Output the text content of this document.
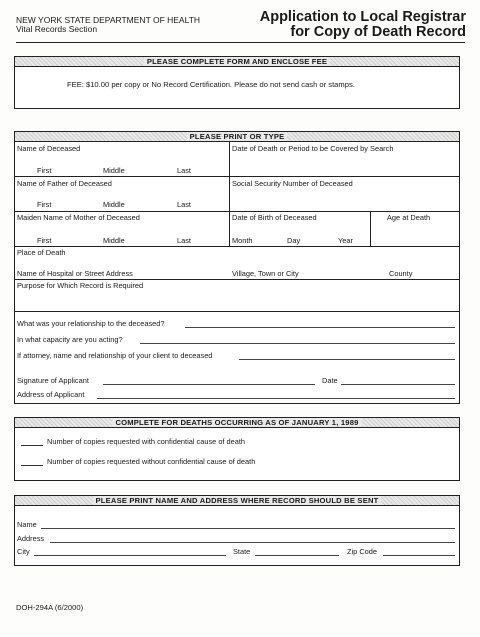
NEW YORK STATE DEPARTMENT OF HEALTH
Vital Records Section
Application to Local Registrar
for Copy of Death Record
PLEASE COMPLETE FORM AND ENCLOSE FEE
FEE: $10.00 per copy or No Record Certification. Please do not send cash or stamps.
PLEASE PRINT OR TYPE
Name of Deceased
First	Middle	Last
Date of Death or Period to be Covered by Search
Name of Father of Deceased
First	Middle	Last
Social Security Number of Deceased
Maiden Name of Mother of Deceased
First	Middle	Last
Date of Birth of Deceased
Month	Day	Year
Age at Death
Place of Death
Name of Hospital or Street Address	Village, Town or City	County
Purpose for Which Record is Required
What was your relationship to the deceased?
In what capacity are you acting?
If attorney, name and relationship of your client to deceased
Signature of Applicant	Date
Address of Applicant
COMPLETE FOR DEATHS OCCURRING AS OF JANUARY 1, 1989
Number of copies requested with confidential cause of death
Number of copies requested without confidential cause of death
PLEASE PRINT NAME AND ADDRESS WHERE RECORD SHOULD BE SENT
Name
Address
City	State	Zip Code
DOH-294A (6/2000)
